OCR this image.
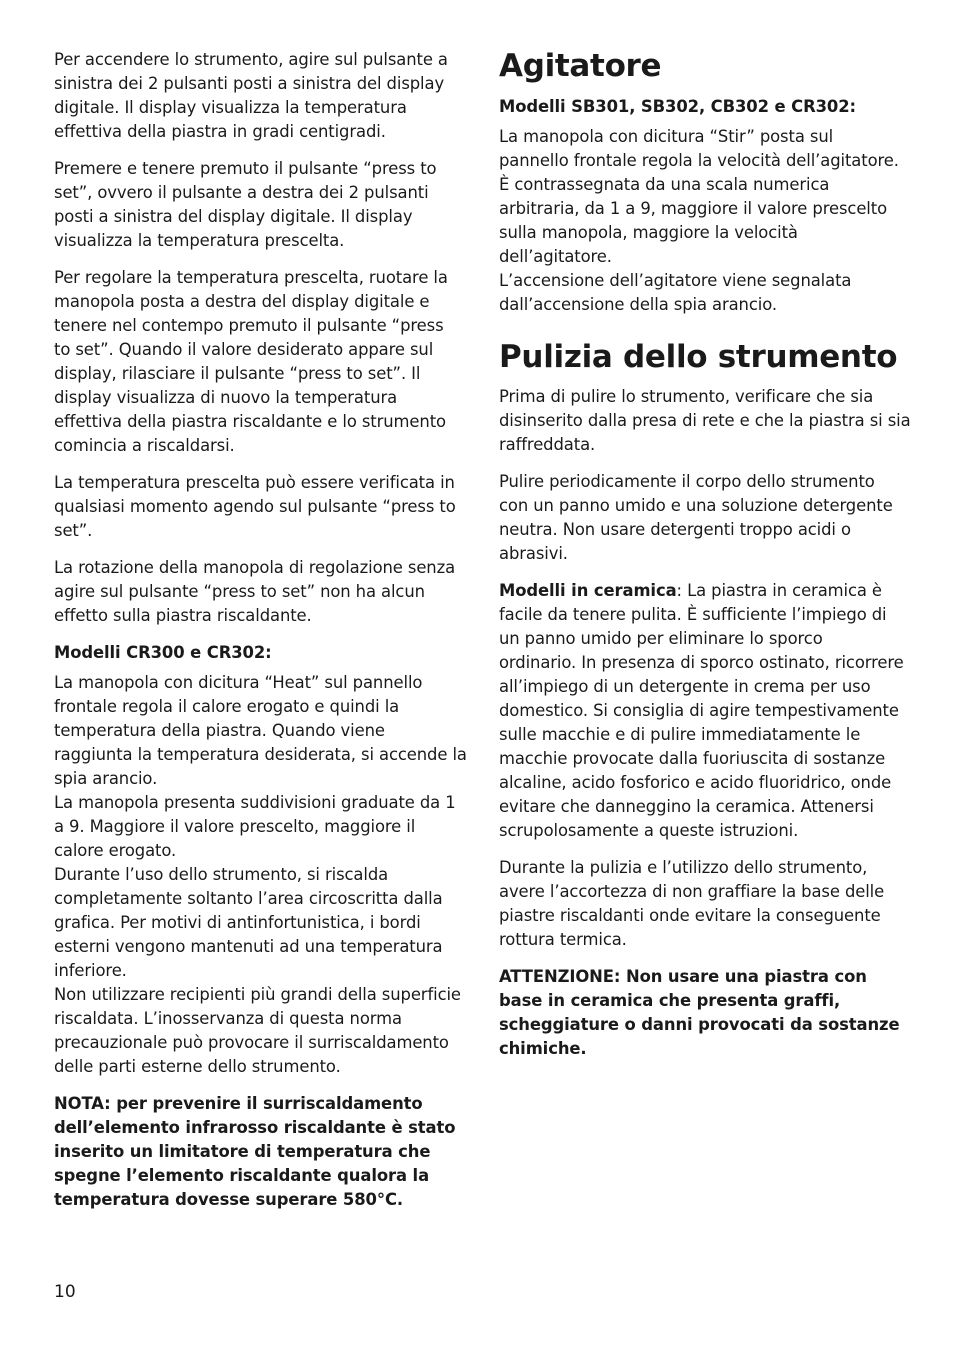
Per accendere lo strumento, agire sul pulsante a
sinistra dei 2 pulsanti posti a sinistra del display
digitale. Il display visualizza la temperatura
effettiva della piastra in gradi centigradi.

Premere e tenere premuto il pulsante “press to
set”, ovvero il pulsante a destra dei 2 pulsanti
posti a sinistra del display digitale. Il display
visualizza la temperatura prescelta.

Per regolare la temperatura prescelta, ruotare la
manopola posta a destra del display digitale e
tenere nel contempo premuto il pulsante “press
to set”. Quando il valore desiderato appare sul
display, rilasciare il pulsante “press to set”. Il
display visualizza di nuovo la temperatura
effettiva della piastra riscaldante e lo strumento
comincia a riscaldarsi.

La temperatura prescelta può essere verificata in
qualsiasi momento agendo sul pulsante “press to
set”.

La rotazione della manopola di regolazione senza
agire sul pulsante “press to set” non ha alcun
effetto sulla piastra riscaldante.

Modelli CR300 e CR302:

La manopola con dicitura “Heat” sul pannello
frontale regola il calore erogato e quindi la
temperatura della piastra. Quando viene
raggiunta la temperatura desiderata, si accende la
spia arancio.
La manopola presenta suddivisioni graduate da 1
a 9. Maggiore il valore prescelto, maggiore il
calore erogato.
Durante l’uso dello strumento, si riscalda
completamente soltanto l’area circoscritta dalla
grafica. Per motivi di antinfortunistica, i bordi
esterni vengono mantenuti ad una temperatura
inferiore.
Non utilizzare recipienti più grandi della superficie
riscaldata. L’inosservanza di questa norma
precauzionale può provocare il surriscaldamento
delle parti esterne dello strumento.

NOTA: per prevenire il surriscaldamento
dell’elemento infrarosso riscaldante è stato
inserito un limitatore di temperatura che
spegne l’elemento riscaldante qualora la
temperatura dovesse superare 580°C.

Agitatore

Modelli SB301, SB302, CB302 e CR302:

La manopola con dicitura “Stir” posta sul
pannello frontale regola la velocità dell’agitatore.
È contrassegnata da una scala numerica
arbitraria, da 1 a 9, maggiore il valore prescelto
sulla manopola, maggiore la velocità
dell’agitatore.
L’accensione dell’agitatore viene segnalata
dall’accensione della spia arancio.

Pulizia dello strumento

Prima di pulire lo strumento, verificare che sia
disinserito dalla presa di rete e che la piastra si sia
raffreddata.

Pulire periodicamente il corpo dello strumento
con un panno umido e una soluzione detergente
neutra. Non usare detergenti troppo acidi o
abrasivi.

Modelli in ceramica: La piastra in ceramica è
facile da tenere pulita. È sufficiente l’impiego di
un panno umido per eliminare lo sporco
ordinario. In presenza di sporco ostinato, ricorrere
all’impiego di un detergente in crema per uso
domestico. Si consiglia di agire tempestivamente
sulle macchie e di pulire immediatamente le
macchie provocate dalla fuoriuscita di sostanze
alcaline, acido fosforico e acido fluoridrico, onde
evitare che danneggino la ceramica. Attenersi
scrupolosamente a queste istruzioni.

Durante la pulizia e l’utilizzo dello strumento,
avere l’accortezza di non graffiare la base delle
piastre riscaldanti onde evitare la conseguente
rottura termica.

ATTENZIONE: Non usare una piastra con
base in ceramica che presenta graffi,
scheggiature o danni provocati da sostanze
chimiche.

10
